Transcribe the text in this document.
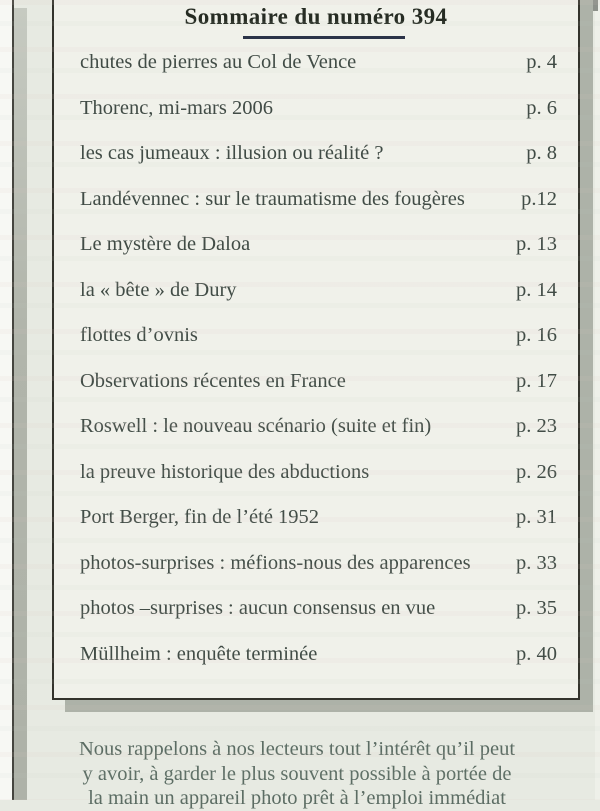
Sommaire du numéro 394
chutes de pierres au Col de Vence	p. 4
Thorenc, mi-mars 2006	p. 6
les cas jumeaux : illusion ou réalité ?	p. 8
Landévennec : sur le traumatisme des fougères	p.12
Le mystère de Daloa	p. 13
la « bête » de Dury	p. 14
flottes d’ovnis	p. 16
Observations récentes en France	p. 17
Roswell : le nouveau scénario (suite et fin)	p. 23
la preuve historique des abductions	p. 26
Port Berger, fin de l’été 1952	p. 31
photos-surprises : méfions-nous des apparences	p. 33
photos –surprises : aucun consensus en vue	p. 35
Müllheim : enquête terminée	p. 40
Nous rappelons à nos lecteurs tout l’intérêt qu’il peut
y avoir, à garder le plus souvent possible à portée de
la main un appareil photo prêt à l’emploi immédiat
